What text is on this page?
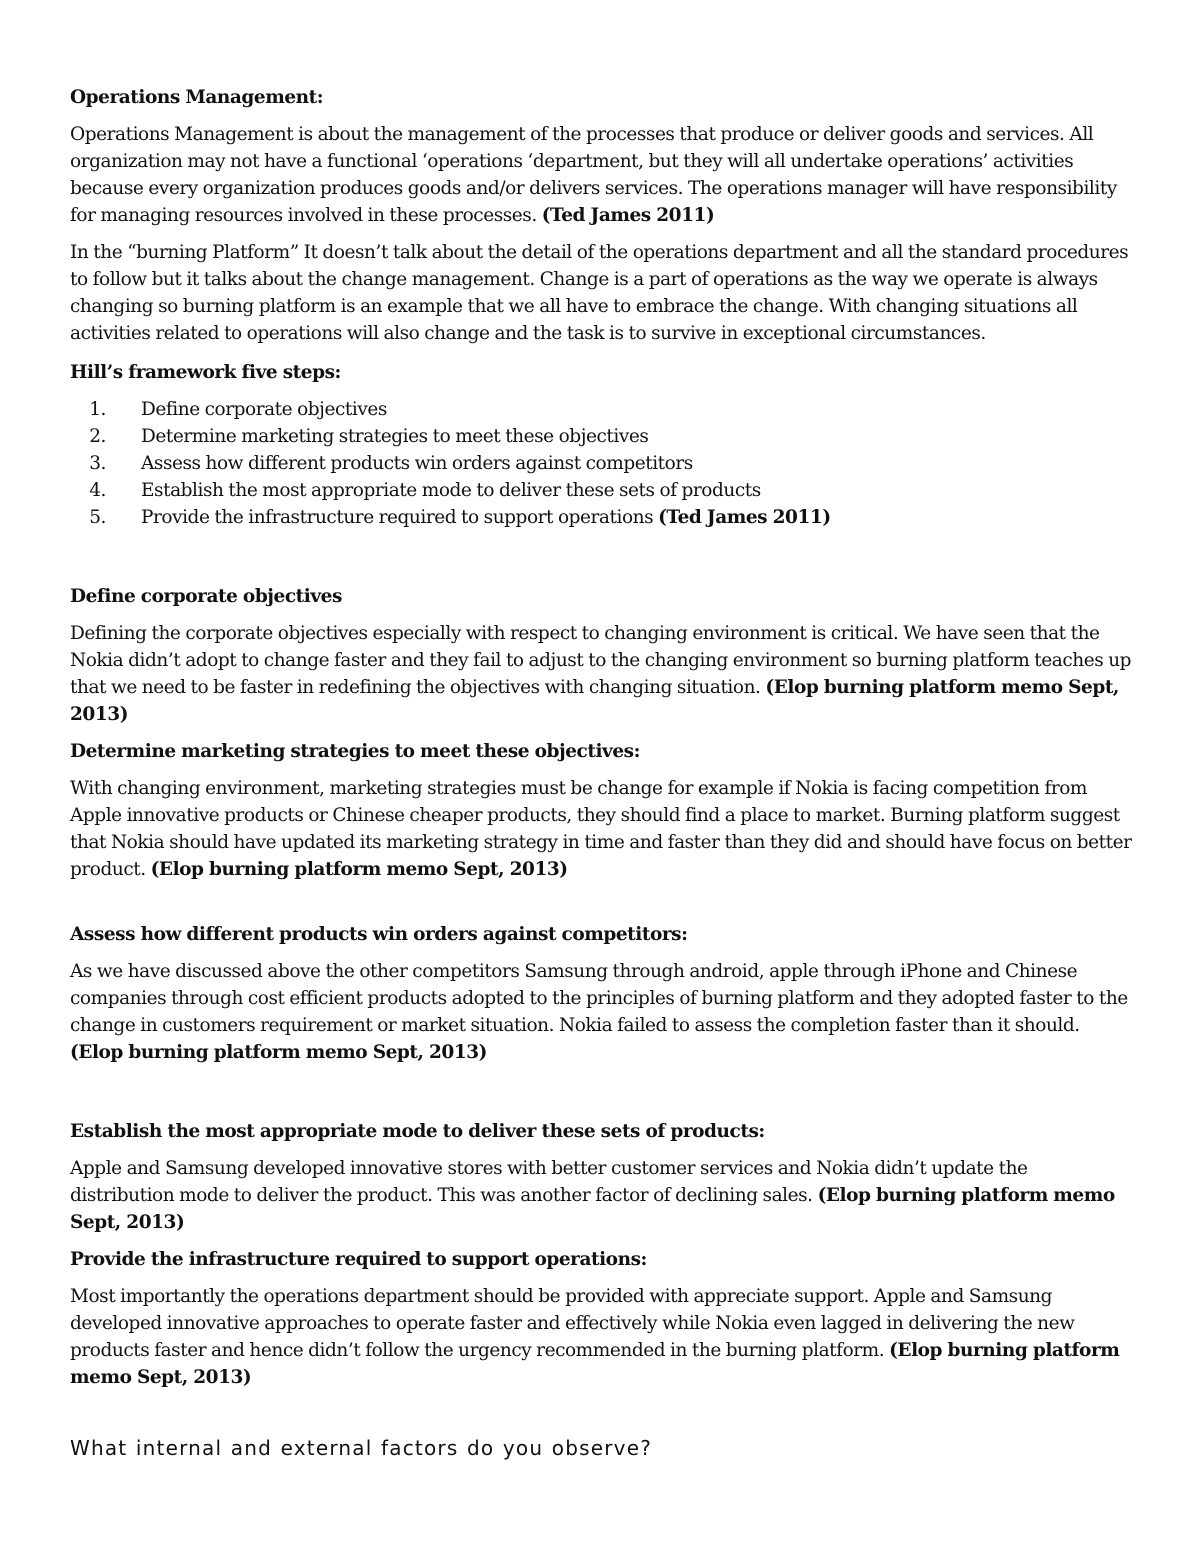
Operations Management:

Operations Management is about the management of the processes that produce or deliver goods and services. All organization may not have a functional ‘operations ‘department, but they will all undertake operations’ activities because every organization produces goods and/or delivers services. The operations manager will have responsibility for managing resources involved in these processes. (Ted James 2011)

In the “burning Platform” It doesn’t talk about the detail of the operations department and all the standard procedures to follow but it talks about the change management. Change is a part of operations as the way we operate is always changing so burning platform is an example that we all have to embrace the change. With changing situations all activities related to operations will also change and the task is to survive in exceptional circumstances.

Hill’s framework five steps:

1.	Define corporate objectives
2.	Determine marketing strategies to meet these objectives
3.	Assess how different products win orders against competitors
4.	Establish the most appropriate mode to deliver these sets of products
5.	Provide the infrastructure required to support operations (Ted James 2011)

Define corporate objectives

Defining the corporate objectives especially with respect to changing environment is critical. We have seen that the Nokia didn’t adopt to change faster and they fail to adjust to the changing environment so burning platform teaches up that we need to be faster in redefining the objectives with changing situation. (Elop burning platform memo Sept, 2013)

Determine marketing strategies to meet these objectives:

With changing environment, marketing strategies must be change for example if Nokia is facing competition from Apple innovative products or Chinese cheaper products, they should find a place to market. Burning platform suggest that Nokia should have updated its marketing strategy in time and faster than they did and should have focus on better product. (Elop burning platform memo Sept, 2013)

Assess how different products win orders against competitors:

As we have discussed above the other competitors Samsung through android, apple through iPhone and Chinese companies through cost efficient products adopted to the principles of burning platform and they adopted faster to the change in customers requirement or market situation. Nokia failed to assess the completion faster than it should. (Elop burning platform memo Sept, 2013)

Establish the most appropriate mode to deliver these sets of products:

Apple and Samsung developed innovative stores with better customer services and Nokia didn’t update the distribution mode to deliver the product. This was another factor of declining sales. (Elop burning platform memo Sept, 2013)

Provide the infrastructure required to support operations:

Most importantly the operations department should be provided with appreciate support. Apple and Samsung developed innovative approaches to operate faster and effectively while Nokia even lagged in delivering the new products faster and hence didn’t follow the urgency recommended in the burning platform. (Elop burning platform memo Sept, 2013)

What internal and external factors do you observe?
